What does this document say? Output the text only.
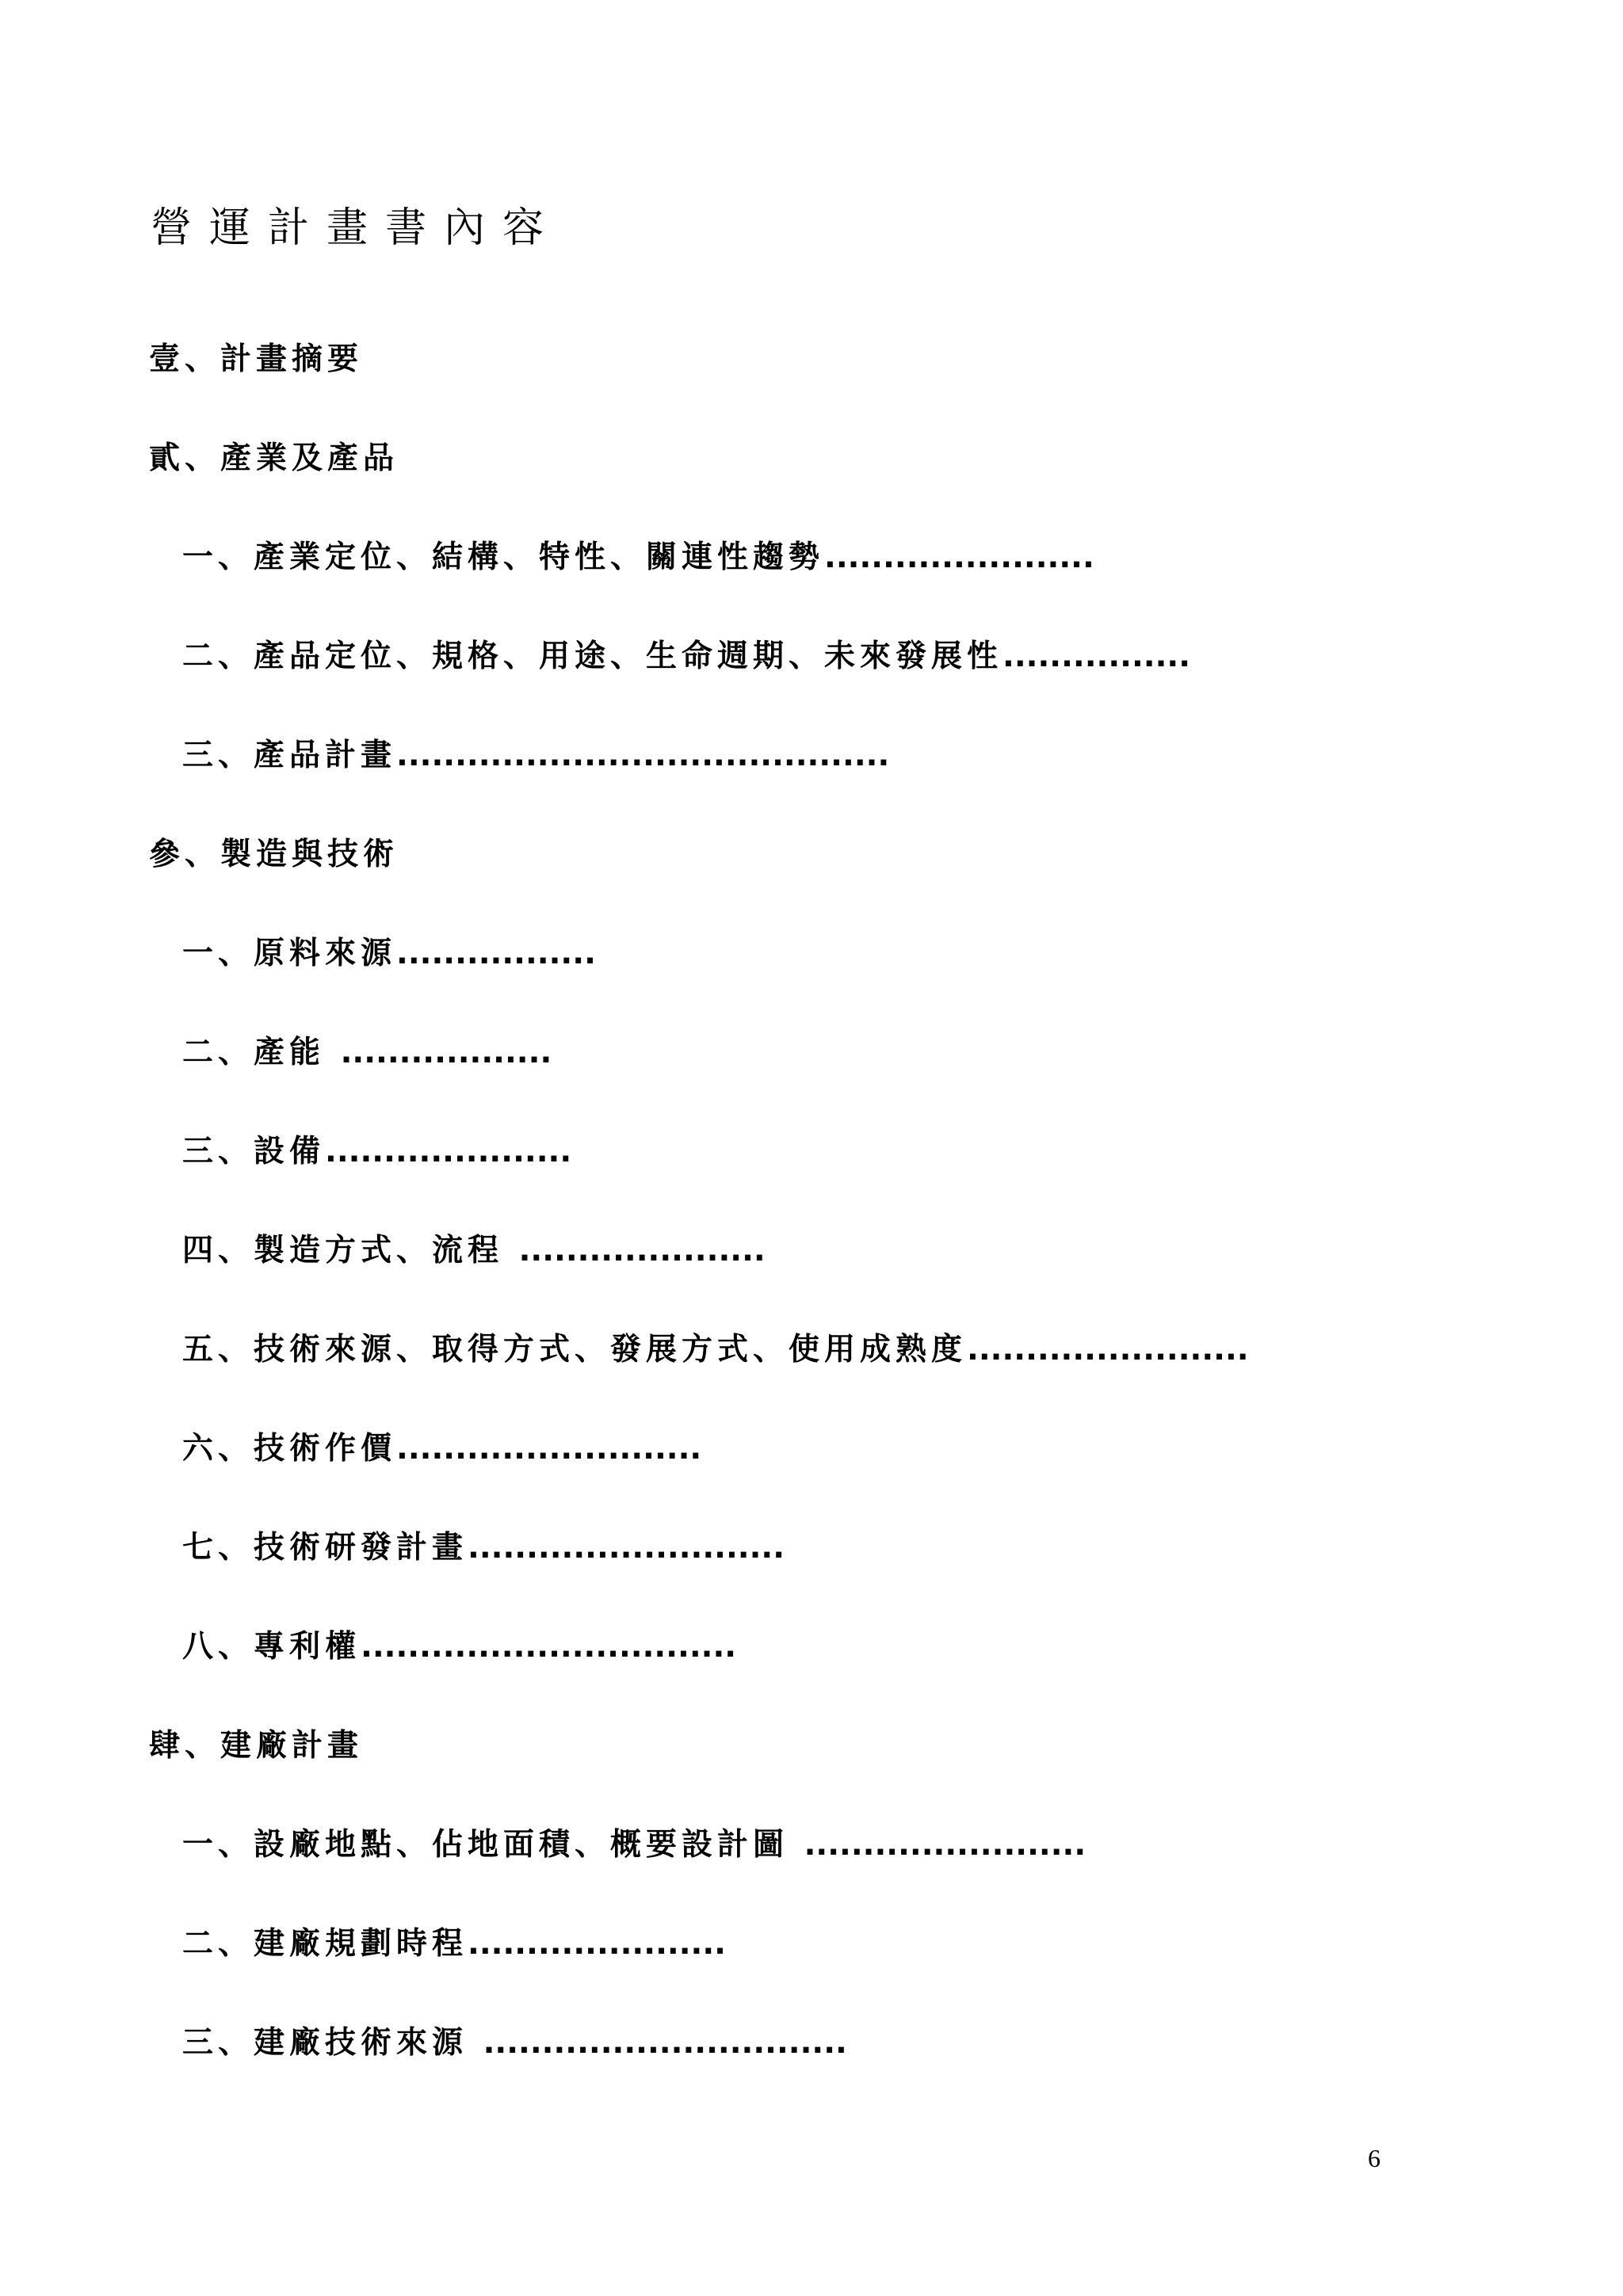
營運計畫書內容
壹、計畫摘要
貳、產業及產品
一、產業定位、結構、特性、關連性趨勢.......................
二、產品定位、規格、用途、生命週期、未來發展性................
三、產品計畫..........................................
參、製造與技術
一、原料來源.................
二、產能 ..................
三、設備.....................
四、製造方式、流程 .....................
五、技術來源、取得方式、發展方式、使用成熟度........................
六、技術作價..........................
七、技術研發計畫...........................
八、專利權................................
肆、建廠計畫
一、設廠地點、佔地面積、概要設計圖 ........................
二、建廠規劃時程......................
三、建廠技術來源 ...............................
6
